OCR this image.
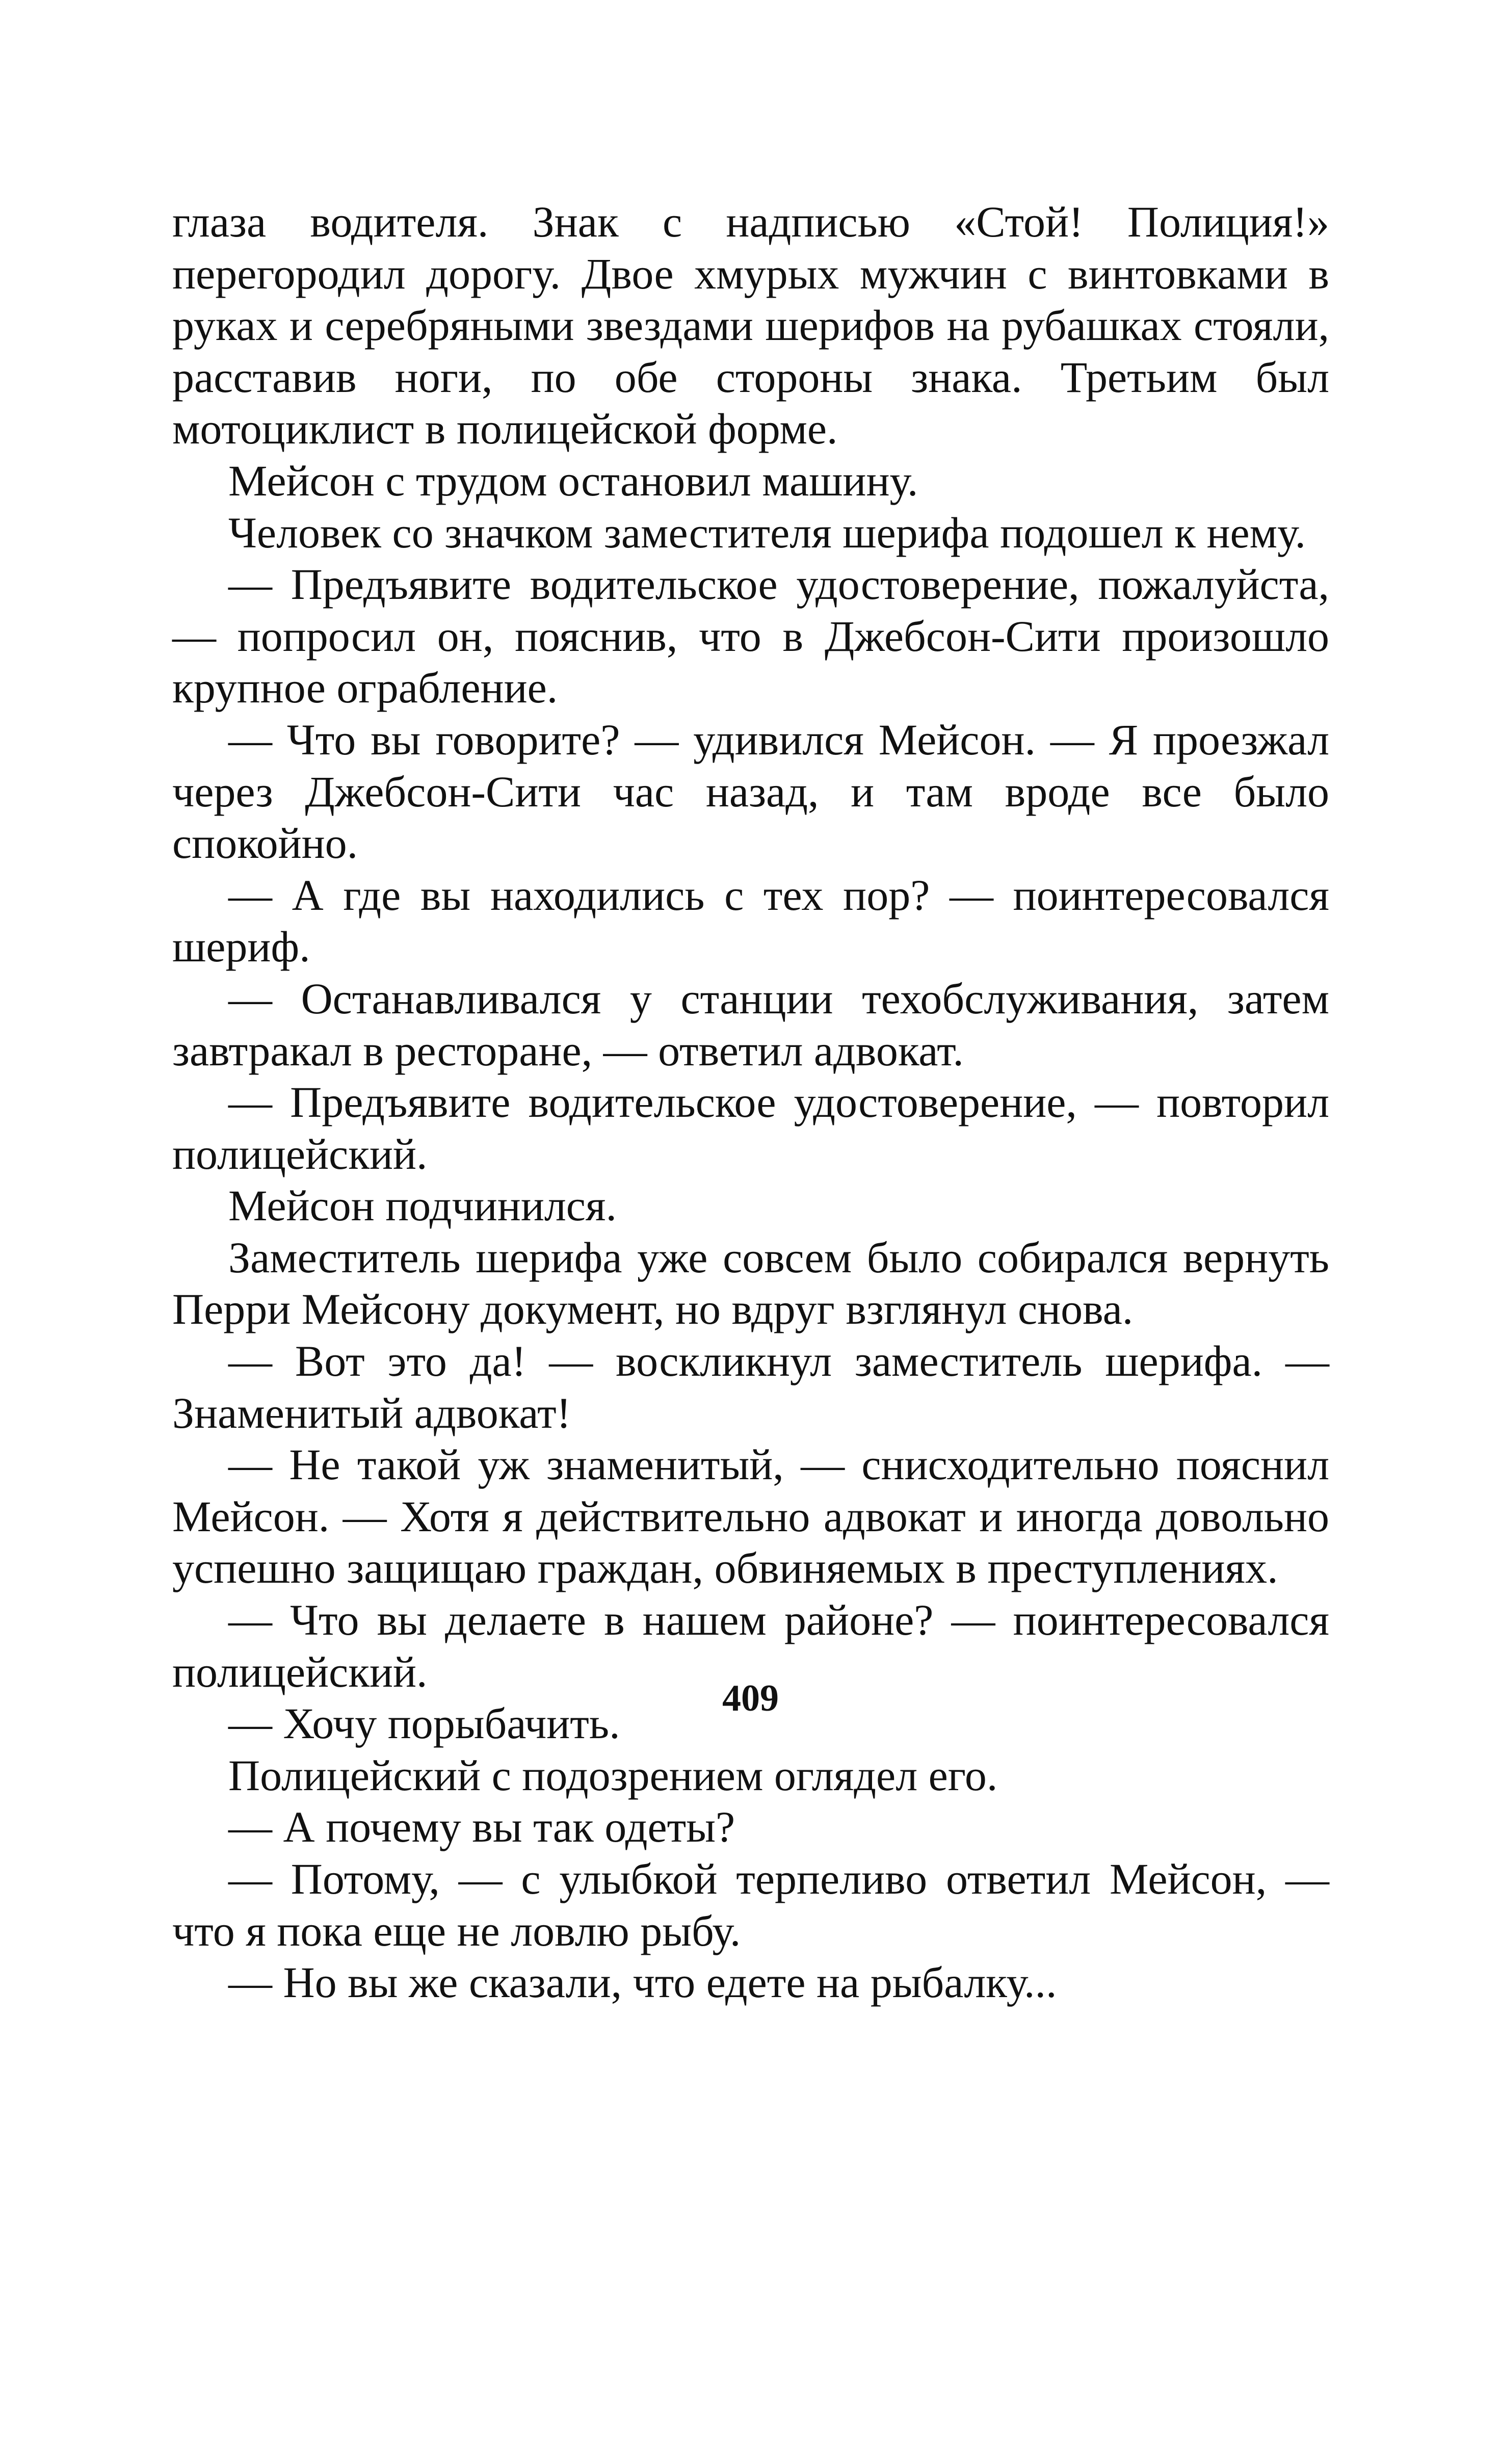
глаза водителя. Знак с надписью «Стой! Полиция!» перегородил дорогу. Двое хмурых мужчин с винтовками в руках и серебряными звездами шерифов на рубашках стояли, расставив ноги, по обе стороны знака. Третьим был мотоциклист в полицейской форме.

Мейсон с трудом остановил машину.

Человек со значком заместителя шерифа подошел к нему.

— Предъявите водительское удостоверение, пожалуйста, — попросил он, пояснив, что в Джебсон-Сити произошло крупное ограбление.

— Что вы говорите? — удивился Мейсон. — Я проезжал через Джебсон-Сити час назад, и там вроде все было спокойно.

— А где вы находились с тех пор? — поинтересовался шериф.

— Останавливался у станции техобслуживания, затем завтракал в ресторане, — ответил адвокат.

— Предъявите водительское удостоверение, — повторил полицейский.

Мейсон подчинился.

Заместитель шерифа уже совсем было собирался вернуть Перри Мейсону документ, но вдруг взглянул снова.

— Вот это да! — воскликнул заместитель шерифа. — Знаменитый адвокат!

— Не такой уж знаменитый, — снисходительно пояснил Мейсон. — Хотя я действительно адвокат и иногда довольно успешно защищаю граждан, обвиняемых в преступлениях.

— Что вы делаете в нашем районе? — поинтересовался полицейский.

— Хочу порыбачить.

Полицейский с подозрением оглядел его.

— А почему вы так одеты?

— Потому, — с улыбкой терпеливо ответил Мейсон, — что я пока еще не ловлю рыбу.

— Но вы же сказали, что едете на рыбалку...

409
